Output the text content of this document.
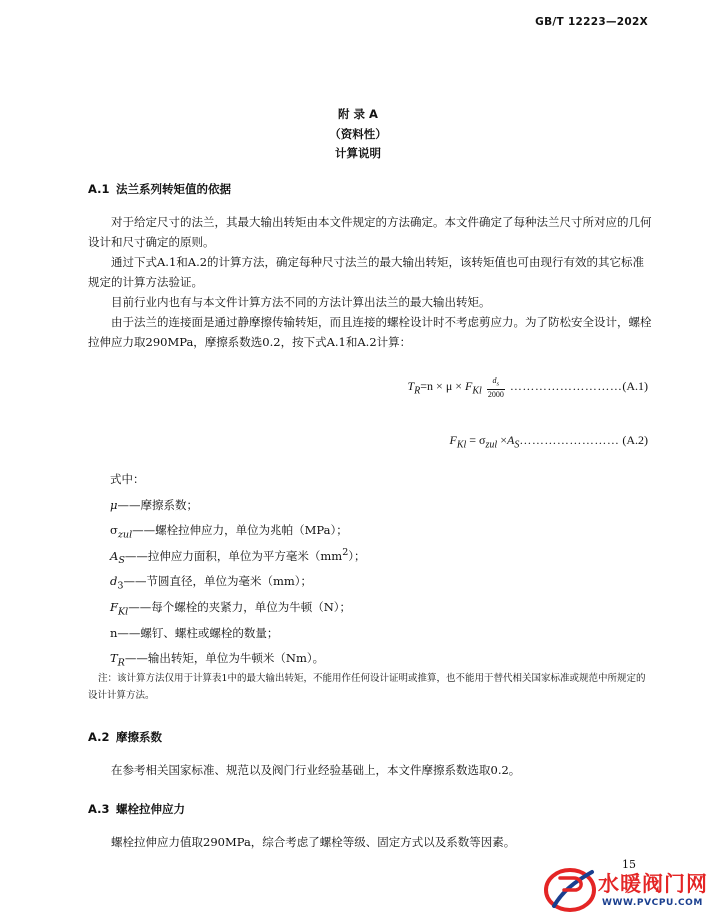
GB/T 12223—202X
附 录 A
（资料性）
计算说明
A.1 法兰系列转矩值的依据
对于给定尺寸的法兰，其最大输出转矩由本文件规定的方法确定。本文件确定了每种法兰尺寸所对应的几何设计和尺寸确定的原则。
通过下式A.1和A.2的计算方法，确定每种尺寸法兰的最大输出转矩，该转矩值也可由现行有效的其它标准规定的计算方法验证。
目前行业内也有与本文件计算方法不同的方法计算出法兰的最大输出转矩。
由于法兰的连接面是通过静摩擦传输转矩，而且连接的螺栓设计时不考虑剪应力。为了防松安全设计，螺栓拉伸应力取290MPa，摩擦系数选0.2，按下式A.1和A.2计算：
$T_R=n \times \mu \times F_{Kl} \frac{d_s}{2000}$ ………………………(A.1)
$F_{Kl} = \sigma_{zul}$ $\times A_S\dots\dots\dots\dots\dots\dots\dots\dots$ (A.2)
式中：
μ——摩擦系数；
$\sigma_{zul}——$螺栓拉伸应力，单位为兆帕（MPa）；
$A_S——$拉伸应力面积，单位为平方毫米$(mm^2)$；
$d_3——$节圆直径，单位为毫米（mm）；
$F_{Kl}——$每个螺栓的夹紧力，单位为牛顿（N）；
n——螺钉、螺柱或螺栓的数量；
$T_R——$输出转矩，单位为牛顿米（Nm）。
注：该计算方法仅用于计算表1中的最大输出转矩，不能用作任何设计证明或推算，也不能用于替代相关国家标准或规范中所规定的设计计算方法。
A.2 摩擦系数
在参考相关国家标准、规范以及阀门行业经验基础上，本文件摩擦系数选取0.2。
A.3 螺栓拉伸应力
螺栓拉伸应力值取290MPa，综合考虑了螺栓等级、固定方式以及系数等因素。
15
水暖阀门网
WWW.PVCPU.COM
